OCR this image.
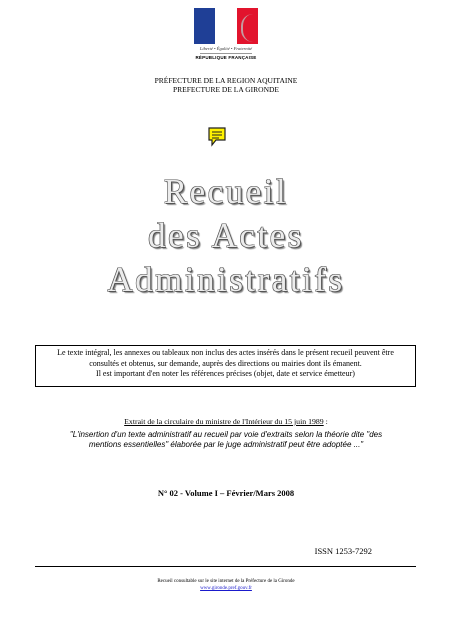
Liberté • Égalité • Fraternité
RÉPUBLIQUE FRANÇAISE
PRÉFECTURE DE LA REGION AQUITAINE
PREFECTURE DE LA GIRONDE
Recueil
des Actes
Administratifs
Le texte intégral, les annexes ou tableaux non inclus des actes insérés dans le présent recueil peuvent être
consultés et obtenus, sur demande, auprès des directions ou mairies dont ils émanent.
Il est important d'en noter les références précises (objet, date et service émetteur)
Extrait de la circulaire du ministre de l'Intérieur du 15 juin 1989 :
"L'insertion d'un texte administratif au recueil par voie d'extraits selon la théorie dite "des
mentions essentielles" élaborée par le juge administratif peut être adoptée ..."
N° 02 - Volume I – Février/Mars 2008
ISSN 1253-7292
Recueil consultable sur le site internet de la Préfecture de la Gironde
www.gironde.pref.gouv.fr
